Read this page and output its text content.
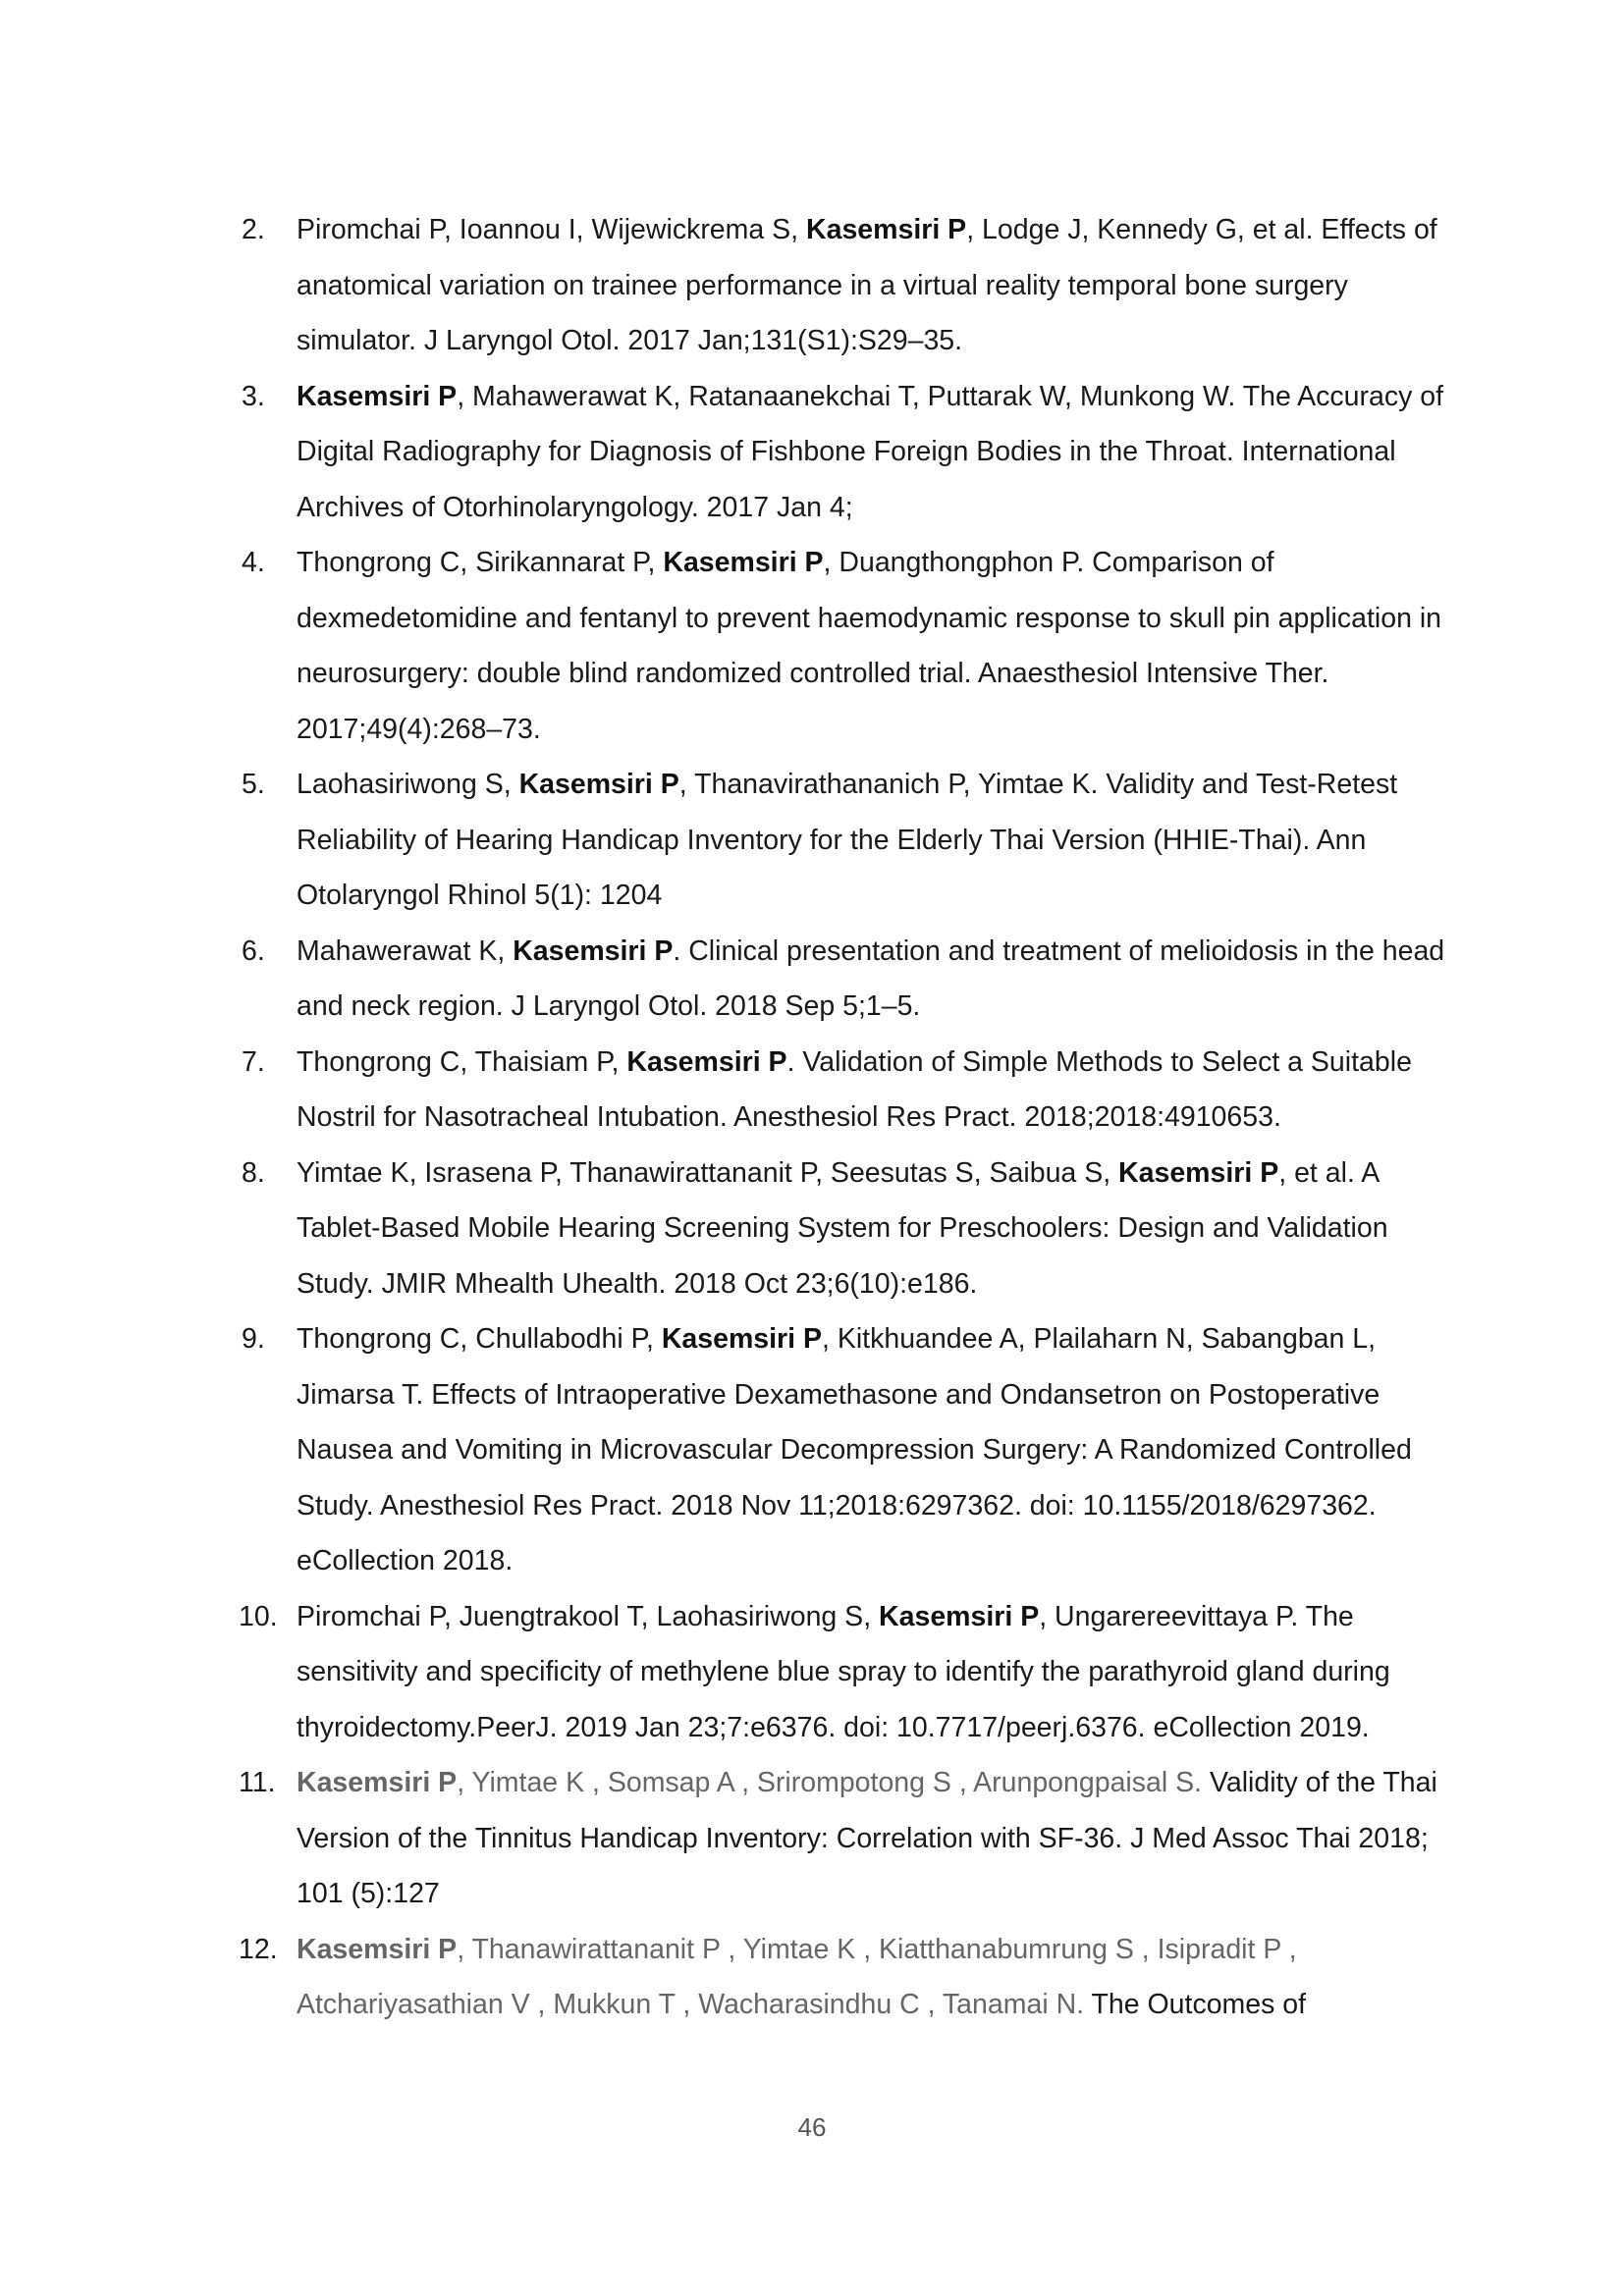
2.	Piromchai P, Ioannou I, Wijewickrema S, Kasemsiri P, Lodge J, Kennedy G, et al. Effects of anatomical variation on trainee performance in a virtual reality temporal bone surgery simulator. J Laryngol Otol. 2017 Jan;131(S1):S29–35.
3.	Kasemsiri P, Mahawerawat K, Ratanaanekchai T, Puttarak W, Munkong W. The Accuracy of Digital Radiography for Diagnosis of Fishbone Foreign Bodies in the Throat. International Archives of Otorhinolaryngology. 2017 Jan 4;
4.	Thongrong C, Sirikannarat P, Kasemsiri P, Duangthongphon P. Comparison of dexmedetomidine and fentanyl to prevent haemodynamic response to skull pin application in neurosurgery: double blind randomized controlled trial. Anaesthesiol Intensive Ther. 2017;49(4):268–73.
5.	Laohasiriwong S, Kasemsiri P, Thanavirathananich P, Yimtae K. Validity and Test-Retest Reliability of Hearing Handicap Inventory for the Elderly Thai Version (HHIE-Thai). Ann Otolaryngol Rhinol 5(1): 1204
6.	Mahawerawat K, Kasemsiri P. Clinical presentation and treatment of melioidosis in the head and neck region. J Laryngol Otol. 2018 Sep 5;1–5.
7.	Thongrong C, Thaisiam P, Kasemsiri P. Validation of Simple Methods to Select a Suitable Nostril for Nasotracheal Intubation. Anesthesiol Res Pract. 2018;2018:4910653.
8.	Yimtae K, Israsena P, Thanawirattananit P, Seesutas S, Saibua S, Kasemsiri P, et al. A Tablet-Based Mobile Hearing Screening System for Preschoolers: Design and Validation Study. JMIR Mhealth Uhealth. 2018 Oct 23;6(10):e186.
9.	Thongrong C, Chullabodhi P, Kasemsiri P, Kitkhuandee A, Plailaharn N, Sabangban L, Jimarsa T. Effects of Intraoperative Dexamethasone and Ondansetron on Postoperative Nausea and Vomiting in Microvascular Decompression Surgery: A Randomized Controlled Study. Anesthesiol Res Pract. 2018 Nov 11;2018:6297362. doi: 10.1155/2018/6297362. eCollection 2018.
10. Piromchai P, Juengtrakool T, Laohasiriwong S, Kasemsiri P, Ungarereevittaya P. The sensitivity and specificity of methylene blue spray to identify the parathyroid gland during thyroidectomy.PeerJ. 2019 Jan 23;7:e6376. doi: 10.7717/peerj.6376. eCollection 2019.
11. Kasemsiri P, Yimtae K , Somsap A , Srirompotong S , Arunpongpaisal S. Validity of the Thai Version of the Tinnitus Handicap Inventory: Correlation with SF-36. J Med Assoc Thai 2018; 101 (5):127
12. Kasemsiri P, Thanawirattananit P , Yimtae K , Kiatthanabumrung S , Isipradit P , Atchariyasathian V , Mukkun T , Wacharasindhu C , Tanamai N. The Outcomes of
46
